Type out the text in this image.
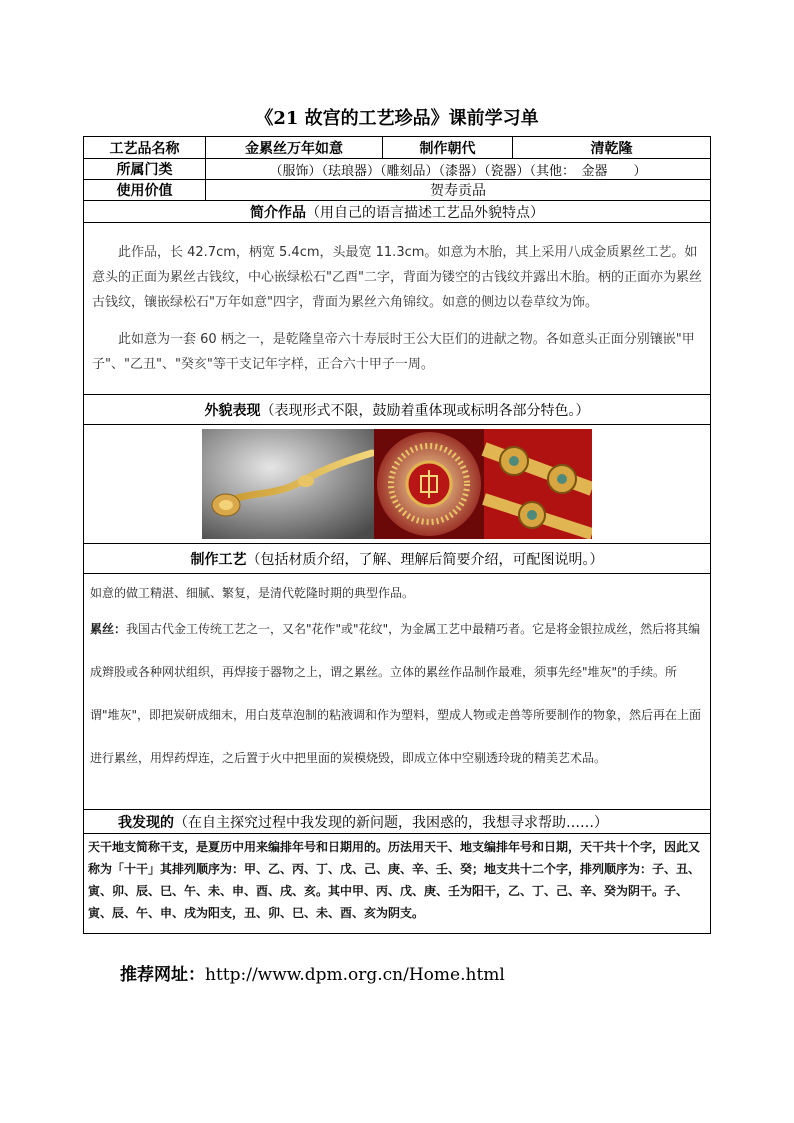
《21 故宫的工艺珍品》课前学习单
工艺品名称	金累丝万年如意	制作朝代	清乾隆
所属门类	（服饰）（珐琅器）（雕刻品）（漆器）（瓷器）（其他：　金器　　）		
使用价值	贺寿贡品		
简介作品（用自己的语言描述工艺品外貌特点）			

此作品，长 42.7cm，柄宽 5.4cm，头最宽 11.3cm。如意为木胎，其上采用八成金质累丝工艺。如意头的正面为累丝古钱纹，中心嵌绿松石"乙酉"二字，背面为镂空的古钱纹并露出木胎。柄的正面亦为累丝古钱纹，镶嵌绿松石"万年如意"四字，背面为累丝六角锦纹。如意的侧边以卷草纹为饰。

此如意为一套 60 柄之一，是乾隆皇帝六十寿辰时王公大臣们的进献之物。各如意头正面分别镶嵌"甲子"、"乙丑"、"癸亥"等干支记年字样，正合六十甲子一周。			

外貌表现（表现形式不限，鼓励着重体现或标明各部分特色。）			

制作工艺（包括材质介绍，了解、理解后简要介绍，可配图说明。）			

如意的做工精湛、细腻、繁复，是清代乾隆时期的典型作品。

累丝：我国古代金工传统工艺之一，又名"花作"或"花纹"，为金属工艺中最精巧者。它是将金银拉成丝，然后将其编成辫股或各种网状组织，再焊接于器物之上，谓之累丝。立体的累丝作品制作最难，须事先经"堆灰"的手续。所谓"堆灰"，即把炭研成细末，用白芨草泡制的粘液调和作为塑料，塑成人物或走兽等所要制作的物象，然后再在上面进行累丝，用焊药焊连，之后置于火中把里面的炭模烧毁，即成立体中空剔透玲珑的精美艺术品。			

我发现的（在自主探究过程中我发现的新问题，我困惑的，我想寻求帮助……）			

天干地支简称干支，是夏历中用来编排年号和日期用的。历法用天干、地支编排年号和日期，天干共十个字，因此又称为「十干」其排列顺序为：甲、乙、丙、丁、戊、己、庚、辛、壬、癸；地支共十二个字，排列顺序为：子、丑、寅、卯、辰、巳、午、未、申、酉、戌、亥。其中甲、丙、戊、庚、壬为阳干，乙、丁、己、辛、癸为阴干。子、寅、辰、午、申、戌为阳支，丑、卯、巳、未、酉、亥为阴支。			

推荐网址：http://www.dpm.org.cn/Home.html
